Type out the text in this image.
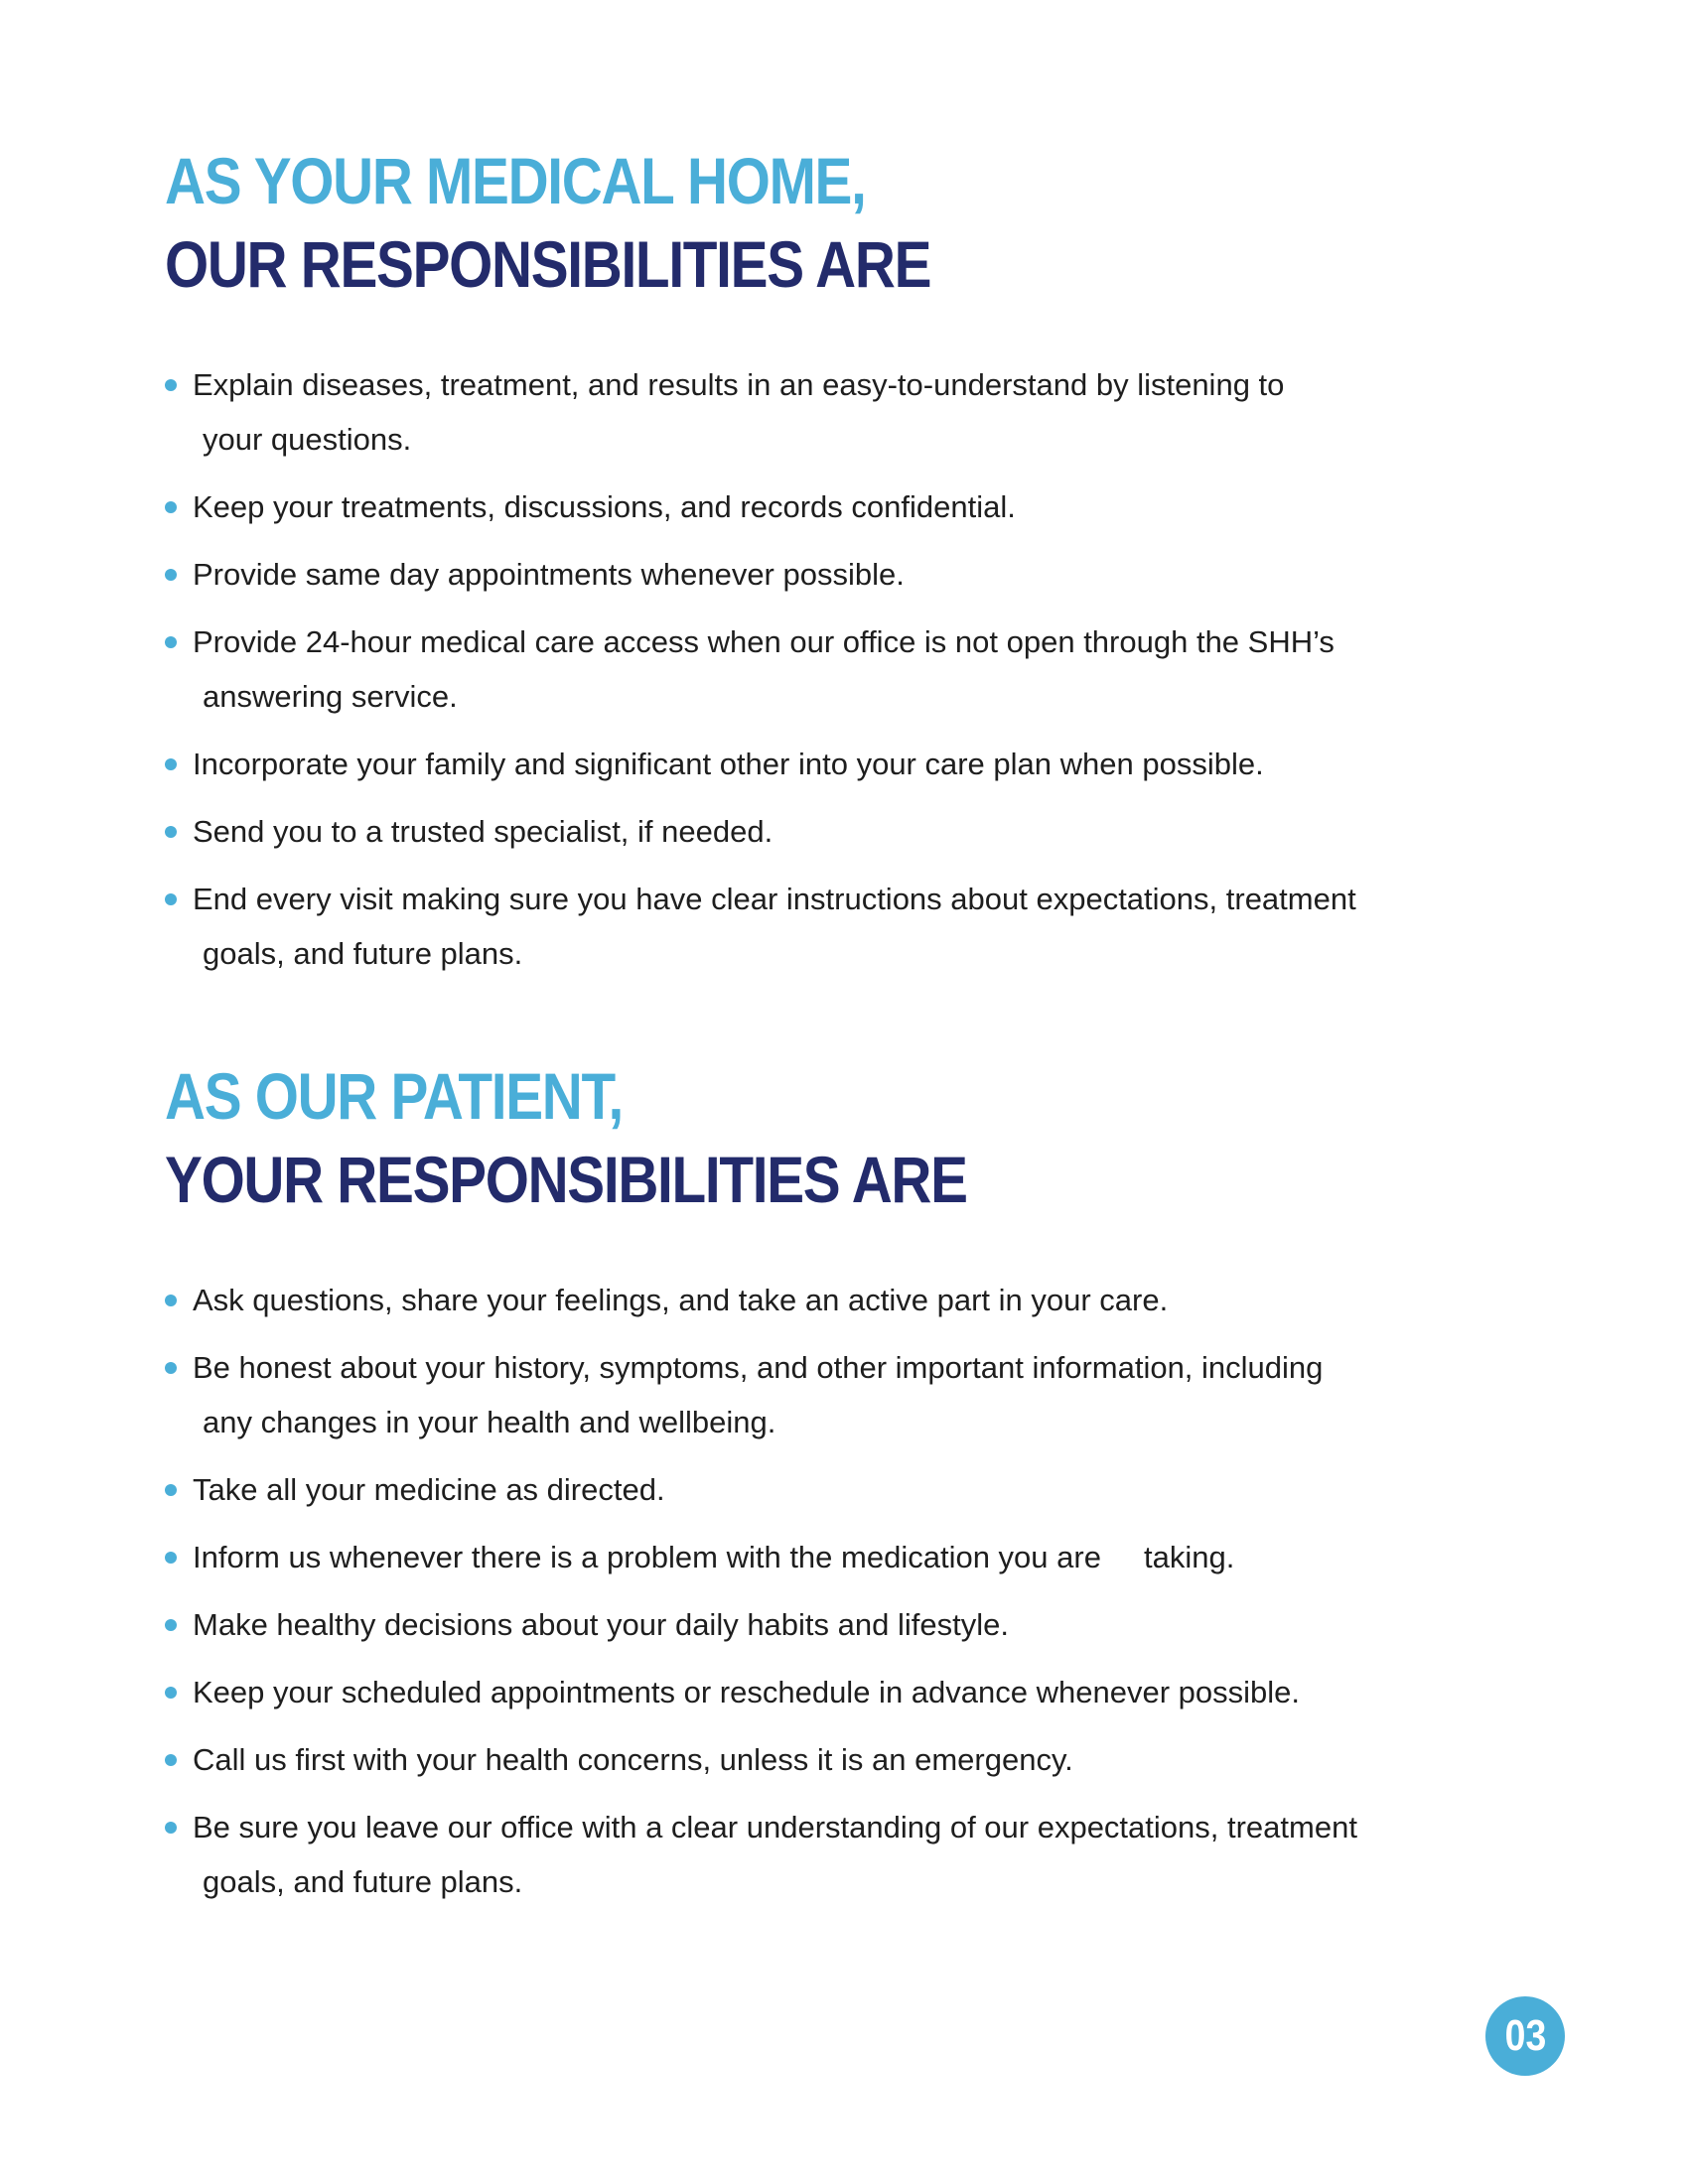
AS YOUR MEDICAL HOME,
OUR RESPONSIBILITIES ARE
Explain diseases, treatment, and results in an easy-to-understand by listening to
your questions.
Keep your treatments, discussions, and records confidential.
Provide same day appointments whenever possible.
Provide 24-hour medical care access when our office is not open through the SHH’s
answering service.
Incorporate your family and significant other into your care plan when possible.
Send you to a trusted specialist, if needed.
End every visit making sure you have clear instructions about expectations, treatment
goals, and future plans.
AS OUR PATIENT,
YOUR RESPONSIBILITIES ARE
Ask questions, share your feelings, and take an active part in your care.
Be honest about your history, symptoms, and other important information, including
any changes in your health and wellbeing.
Take all your medicine as directed.
Inform us whenever there is a problem with the medication you are     taking.
Make healthy decisions about your daily habits and lifestyle.
Keep your scheduled appointments or reschedule in advance whenever possible.
Call us first with your health concerns, unless it is an emergency.
Be sure you leave our office with a clear understanding of our expectations, treatment
goals, and future plans.
03
